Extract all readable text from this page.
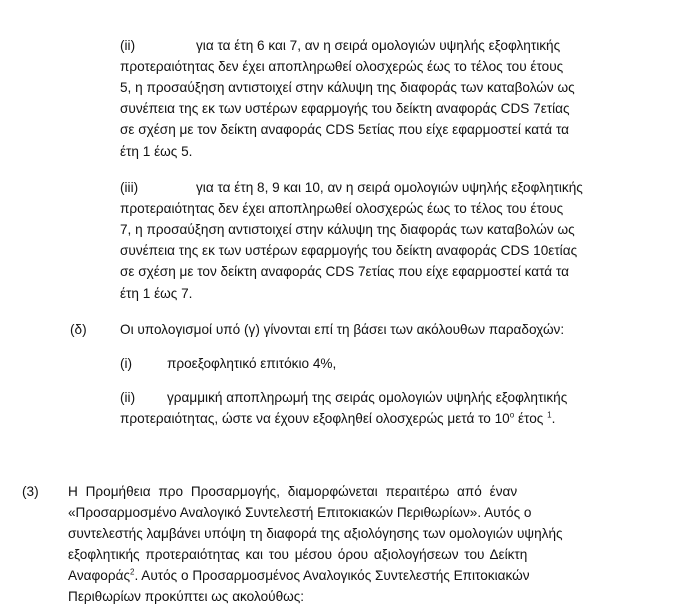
(ii)	για τα έτη 6 και 7, αν η σειρά ομολογιών υψηλής εξοφλητικής
προτεραιότητας δεν έχει αποπληρωθεί ολοσχερώς έως το τέλος του έτους
5, η προσαύξηση αντιστοιχεί στην κάλυψη της διαφοράς των καταβολών ως
συνέπεια της εκ των υστέρων εφαρμογής του δείκτη αναφοράς CDS 7ετίας
σε σχέση με τον δείκτη αναφοράς CDS 5ετίας που είχε εφαρμοστεί κατά τα
έτη 1 έως 5.
(iii)	για τα έτη 8, 9 και 10, αν η σειρά ομολογιών υψηλής εξοφλητικής
προτεραιότητας δεν έχει αποπληρωθεί ολοσχερώς έως το τέλος του έτους
7, η προσαύξηση αντιστοιχεί στην κάλυψη της διαφοράς των καταβολών ως
συνέπεια της εκ των υστέρων εφαρμογής του δείκτη αναφοράς CDS 10ετίας
σε σχέση με τον δείκτη αναφοράς CDS 7ετίας που είχε εφαρμοστεί κατά τα
έτη 1 έως 7.
(δ) Οι υπολογισμοί υπό (γ) γίνονται επί τη βάσει των ακόλουθων παραδοχών:
(i)	προεξοφλητικό επιτόκιο 4%,
(ii) γραμμική αποπληρωμή της σειράς ομολογιών υψηλής εξοφλητικής
προτεραιότητας, ώστε να έχουν εξοφληθεί ολοσχερώς μετά το $10^o$ έτος $^1$.
(3) Η Προμήθεια προ Προσαρμογής, διαμορφώνεται περαιτέρω από έναν
«Προσαρμοσμένο Αναλογικό Συντελεστή Επιτοκιακών Περιθωρίων». Αυτός ο
συντελεστής λαμβάνει υπόψη τη διαφορά της αξιολόγησης των ομολογιών υψηλής
εξοφλητικής προτεραιότητας και του μέσου όρου αξιολογήσεων του Δείκτη
Αναφοράς$^2$. Αυτός ο Προσαρμοσμένος Αναλογικός Συντελεστής Επιτοκιακών
Περιθωρίων προκύπτει ως ακολούθως:
